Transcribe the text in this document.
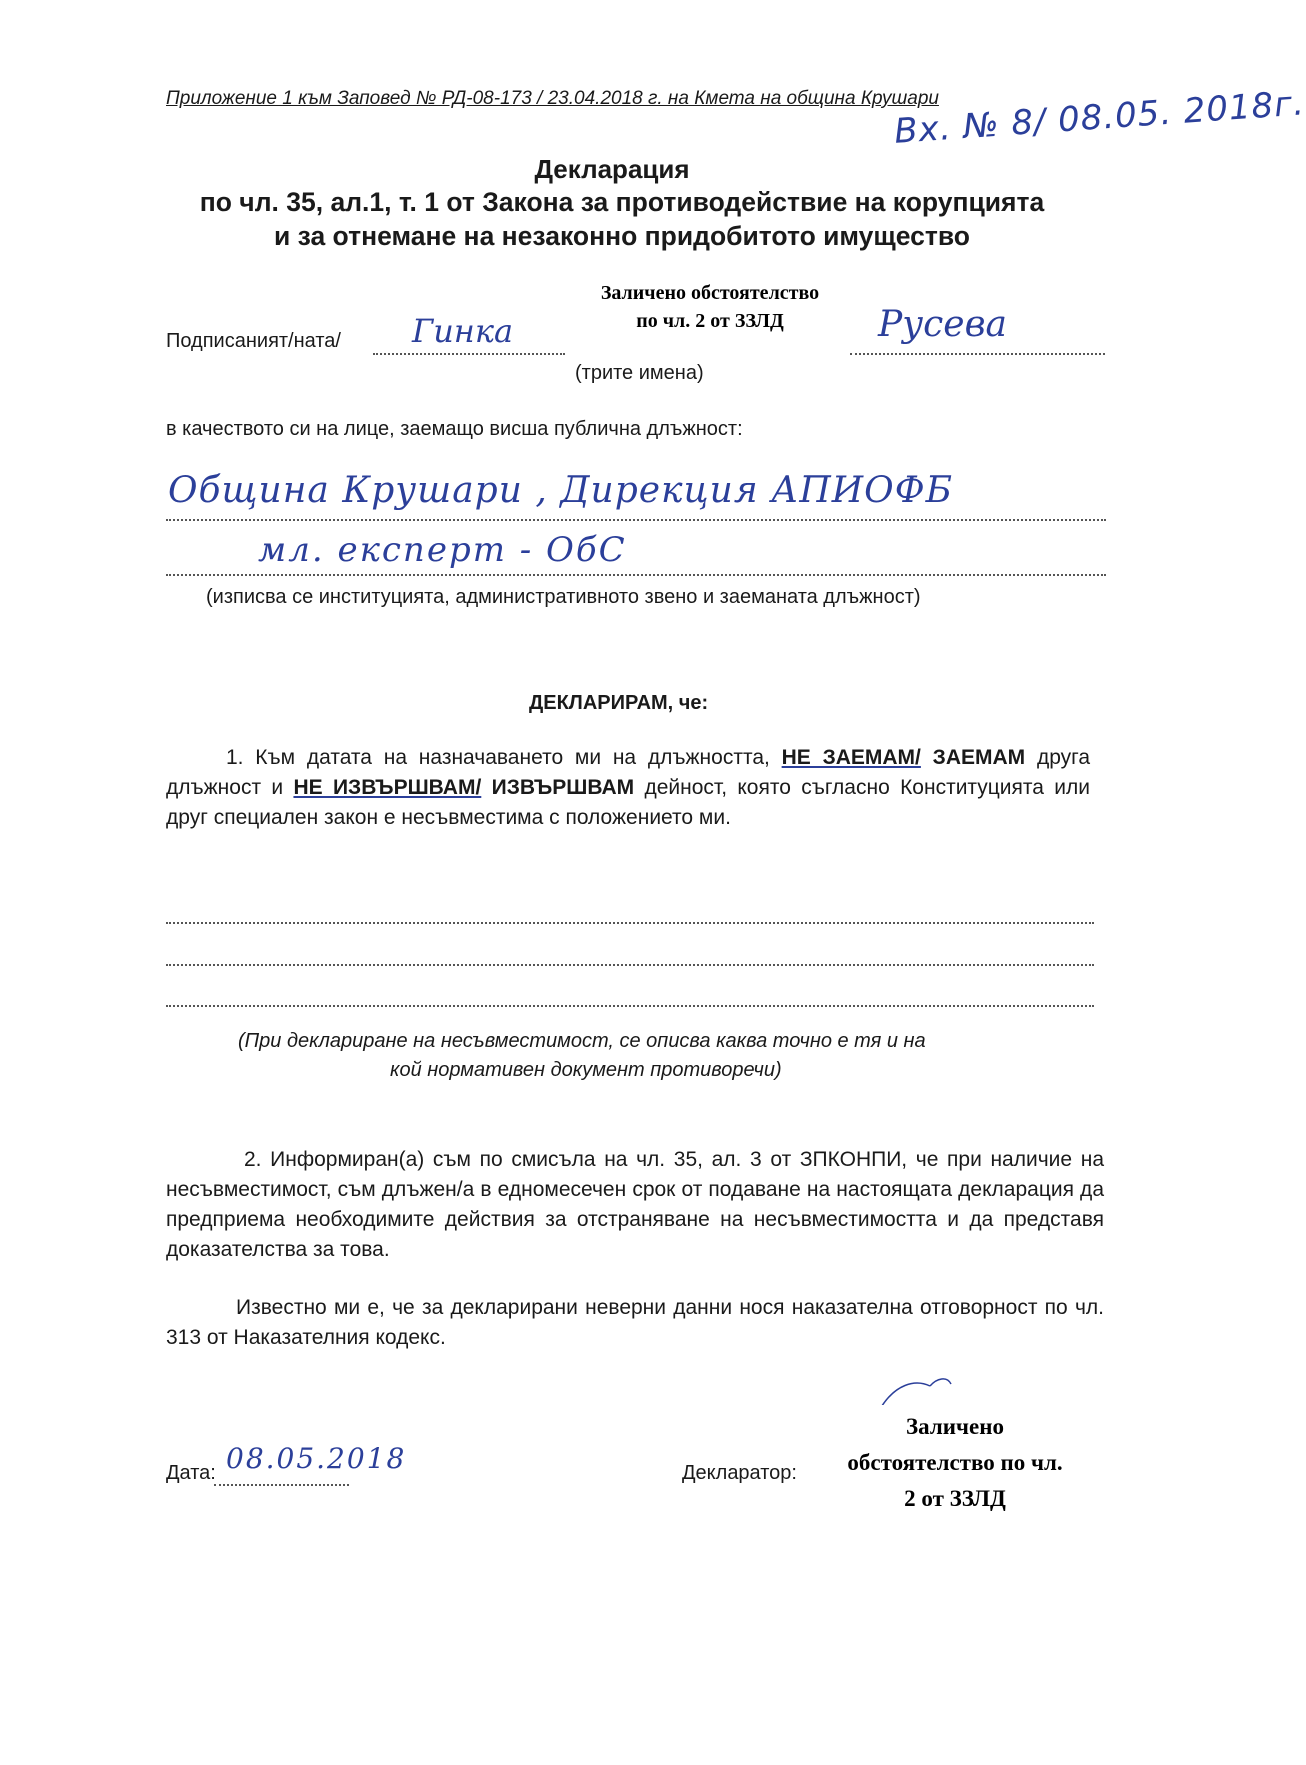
Приложение 1 към Заповед № РД-08-173 / 23.04.2018 г. на Кмета на община Крушари
Вх. № 8/ 08.05. 2018г.
Декларация
по чл. 35, ал.1, т. 1 от Закона за противодействие на корупцията
и за отнемане на незаконно придобитото имущество
Подписаният/ната/ Гинка	Русева
Заличено обстоятелство
по чл. 2 от ЗЗЛД
(трите имена)
в качеството си на лице, заемащо висша публична длъжност:
Община Крушари , Дирекция АПИОФБ
мл. експерт - ОбС
(изписва се институцията, административното звено и заеманата длъжност)
ДЕКЛАРИРАМ, че:
1. Към датата на назначаването ми на длъжността, НЕ ЗАЕМАМ/ ЗАЕМАМ друга длъжност и НЕ ИЗВЪРШВАМ/ ИЗВЪРШВАМ дейност, която съгласно Конституцията или друг специален закон е несъвместима с положението ми.
(При деклариране на несъвместимост, се описва каква точно е тя и на
кой нормативен документ противоречи)
2. Информиран(а) съм по смисъла на чл. 35, ал. 3 от ЗПКОНПИ, че при наличие на несъвместимост, съм длъжен/а в едномесечен срок от подаване на настоящата декларация да предприема необходимите действия за отстраняване на несъвместимостта и да представя доказателства за това.
Известно ми е, че за декларирани неверни данни нося наказателна отговорност по чл. 313 от Наказателния кодекс.
Дата: 08.05.2018	Декларатор:
Заличено
обстоятелство по чл.
2 от ЗЗЛД
